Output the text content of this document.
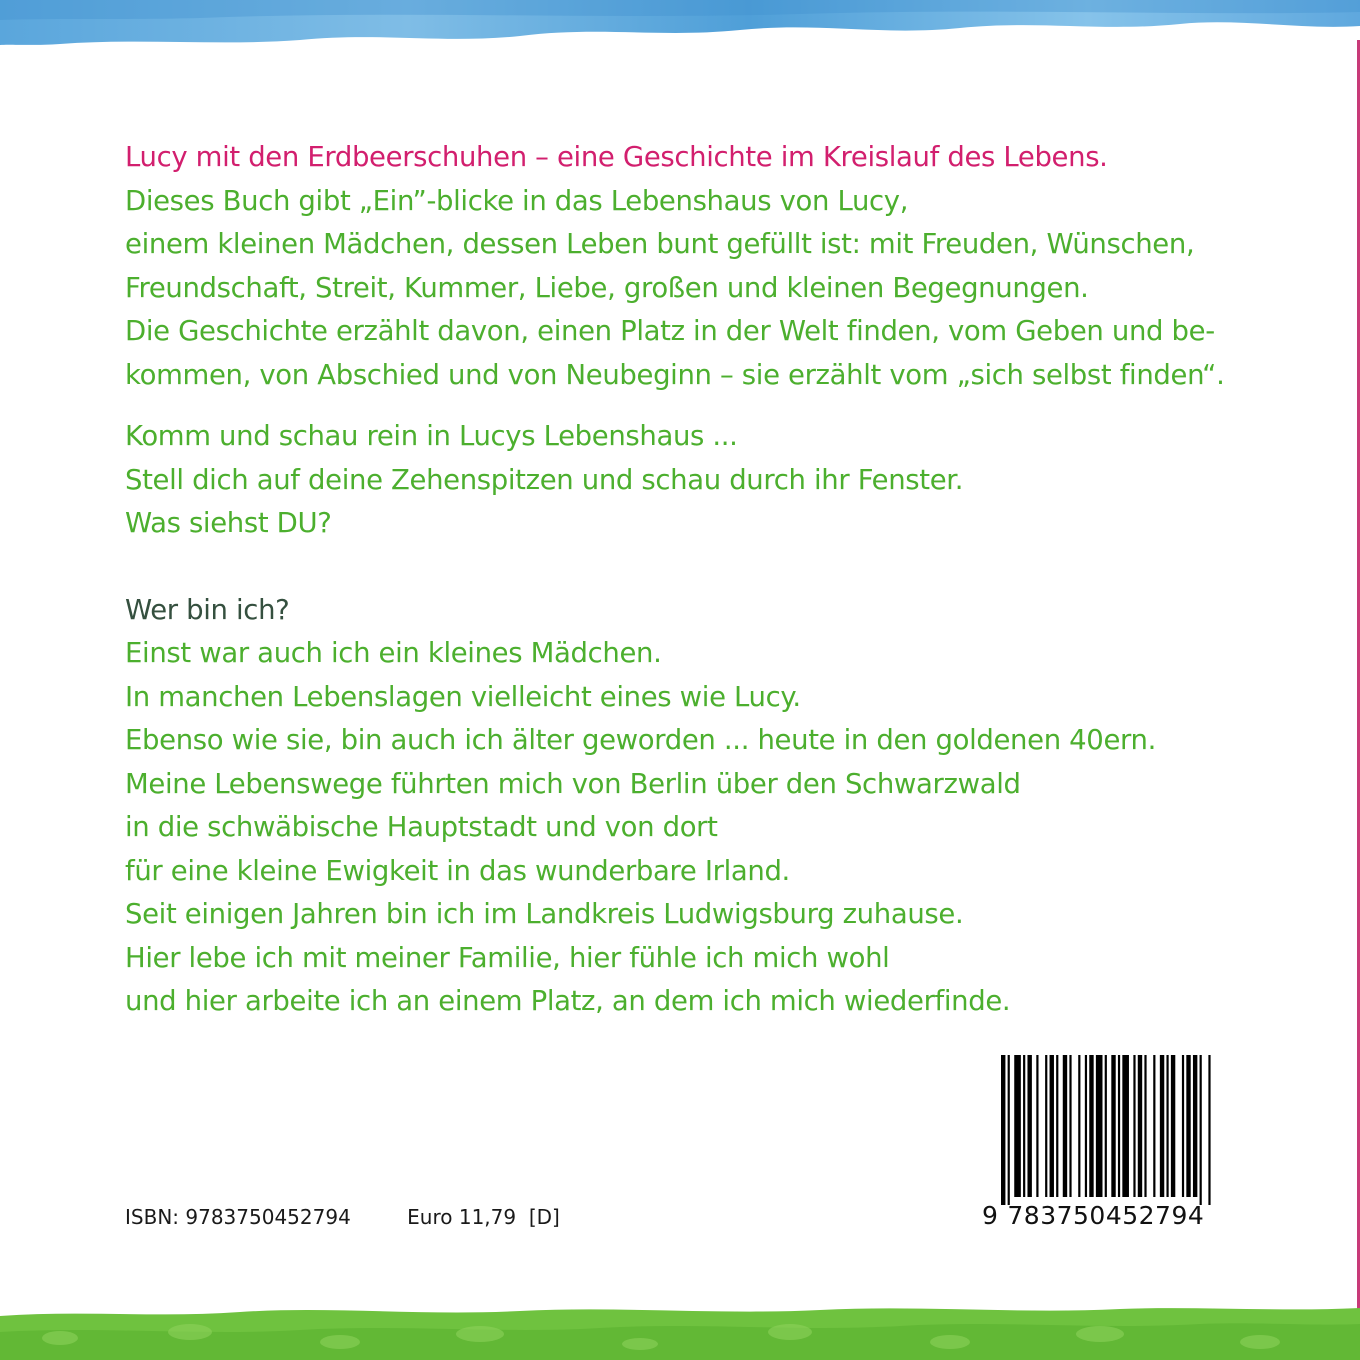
Lucy mit den Erdbeerschuhen – eine Geschichte im Kreislauf des Lebens.
Dieses Buch gibt „Ein”-blicke in das Lebenshaus von Lucy,
einem kleinen Mädchen, dessen Leben bunt gefüllt ist: mit Freuden, Wünschen,
Freundschaft, Streit, Kummer, Liebe, großen und kleinen Begegnungen.
Die Geschichte erzählt davon, einen Platz in der Welt finden, vom Geben und be-
kommen, von Abschied und von Neubeginn – sie erzählt vom „sich selbst finden“.
Komm und schau rein in Lucys Lebenshaus ...
Stell dich auf deine Zehenspitzen und schau durch ihr Fenster.
Was siehst DU?
Wer bin ich?
Einst war auch ich ein kleines Mädchen.
In manchen Lebenslagen vielleicht eines wie Lucy.
Ebenso wie sie, bin auch ich älter geworden ... heute in den goldenen 40ern.
Meine Lebenswege führten mich von Berlin über den Schwarzwald
in die schwäbische Hauptstadt und von dort
für eine kleine Ewigkeit in das wunderbare Irland.
Seit einigen Jahren bin ich im Landkreis Ludwigsburg zuhause.
Hier lebe ich mit meiner Familie, hier fühle ich mich wohl
und hier arbeite ich an einem Platz, an dem ich mich wiederfinde.
ISBN: 9783750452794	Euro 11,79  [D]	9 783750452794
